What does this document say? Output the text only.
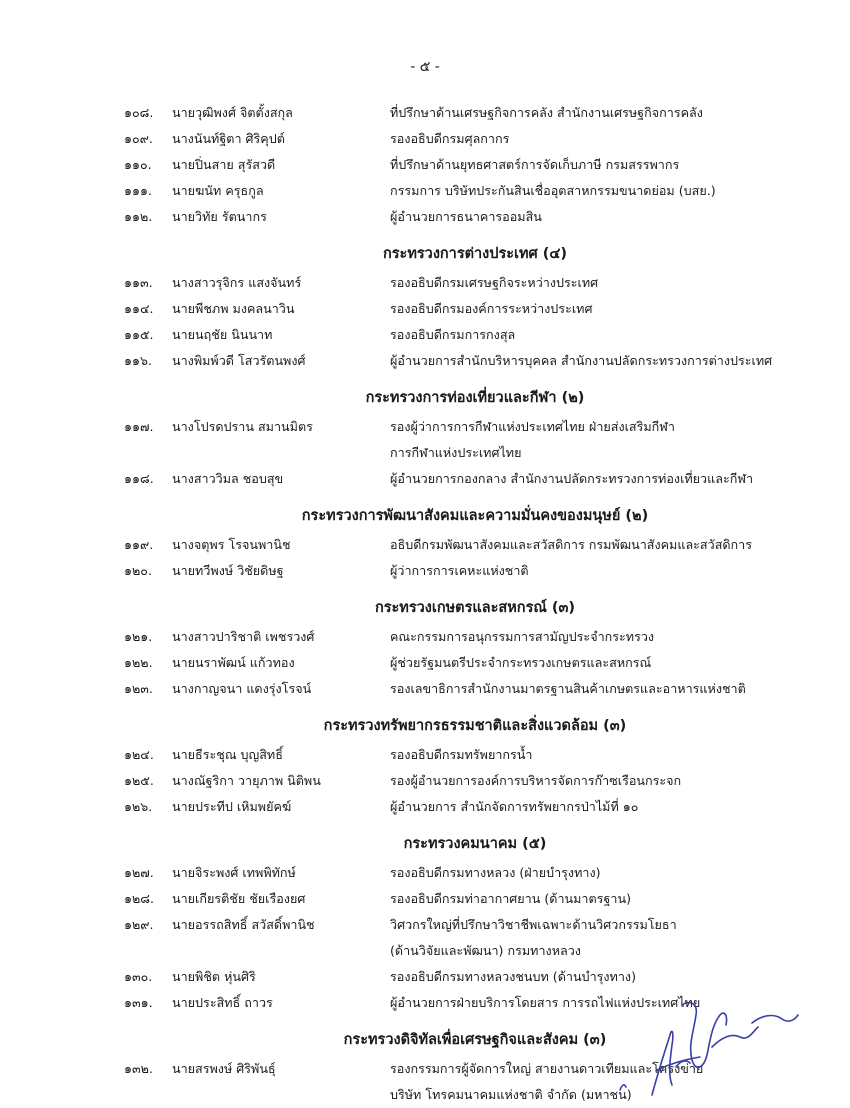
- ๕ -
๑๐๘. นายวุฒิพงศ์ จิตตั้งสกุล	ที่ปรึกษาด้านเศรษฐกิจการคลัง สำนักงานเศรษฐกิจการคลัง
๑๐๙. นางนันท์ฐิตา ศิริคุปต์	รองอธิบดีกรมศุลกากร
๑๑๐. นายปิ่นสาย สุรัสวดี	ที่ปรึกษาด้านยุทธศาสตร์การจัดเก็บภาษี กรมสรรพากร
๑๑๑. นายฆนัท ครุธกูล	กรรมการ บริษัทประกันสินเชื่ออุตสาหกรรมขนาดย่อม (บสย.)
๑๑๒. นายวิทัย รัตนากร	ผู้อำนวยการธนาคารออมสิน
กระทรวงการต่างประเทศ (๔)
๑๑๓. นางสาวรุจิกร แสงจันทร์	รองอธิบดีกรมเศรษฐกิจระหว่างประเทศ
๑๑๔. นายพีชภพ มงคลนาวิน	รองอธิบดีกรมองค์การระหว่างประเทศ
๑๑๕. นายนฤชัย นินนาท	รองอธิบดีกรมการกงสุล
๑๑๖. นางพิมพ์วดี โสวรัตนพงศ์	ผู้อำนวยการสำนักบริหารบุคคล สำนักงานปลัดกระทรวงการต่างประเทศ
กระทรวงการท่องเที่ยวและกีฬา (๒)
๑๑๗. นางโปรดปราน สมานมิตร	รองผู้ว่าการการกีฬาแห่งประเทศไทย ฝ่ายส่งเสริมกีฬา
การกีฬาแห่งประเทศไทย
๑๑๘. นางสาววิมล ชอบสุข	ผู้อำนวยการกองกลาง สำนักงานปลัดกระทรวงการท่องเที่ยวและกีฬา
กระทรวงการพัฒนาสังคมและความมั่นคงของมนุษย์ (๒)
๑๑๙. นางจตุพร โรจนพานิช	อธิบดีกรมพัฒนาสังคมและสวัสดิการ กรมพัฒนาสังคมและสวัสดิการ
๑๒๐. นายทวีพงษ์ วิชัยดิษฐ	ผู้ว่าการการเคหะแห่งชาติ
กระทรวงเกษตรและสหกรณ์ (๓)
๑๒๑. นางสาวปาริชาติ เพชรวงศ์	คณะกรรมการอนุกรรมการสามัญประจำกระทรวง
๑๒๒. นายนราพัฒน์ แก้วทอง	ผู้ช่วยรัฐมนตรีประจำกระทรวงเกษตรและสหกรณ์
๑๒๓. นางกาญจนา แดงรุ่งโรจน์	รองเลขาธิการสำนักงานมาตรฐานสินค้าเกษตรและอาหารแห่งชาติ
กระทรวงทรัพยากรธรรมชาติและสิ่งแวดล้อม (๓)
๑๒๔. นายธีระชุณ บุญสิทธิ์	รองอธิบดีกรมทรัพยากรน้ำ
๑๒๕. นางณัฐริกา วายุภาพ นิติพน	รองผู้อำนวยการองค์การบริหารจัดการก๊าซเรือนกระจก
๑๒๖. นายประทีป เหิมพยัคฆ์	ผู้อำนวยการ สำนักจัดการทรัพยากรป่าไม้ที่ ๑๐
กระทรวงคมนาคม (๕)
๑๒๗. นายจิระพงศ์ เทพพิทักษ์	รองอธิบดีกรมทางหลวง (ฝ่ายบำรุงทาง)
๑๒๘. นายเกียรติชัย ชัยเรืองยศ	รองอธิบดีกรมท่าอากาศยาน (ด้านมาตรฐาน)
๑๒๙. นายอรรถสิทธิ์ สวัสดิ์พานิช	วิศวกรใหญ่ที่ปรึกษาวิชาชีพเฉพาะด้านวิศวกรรมโยธา
(ด้านวิจัยและพัฒนา) กรมทางหลวง
๑๓๐. นายพิชิต หุ่นศิริ	รองอธิบดีกรมทางหลวงชนบท (ด้านบำรุงทาง)
๑๓๑. นายประสิทธิ์ ถาวร	ผู้อำนวยการฝ่ายบริการโดยสาร การรถไฟแห่งประเทศไทย
กระทรวงดิจิทัลเพื่อเศรษฐกิจและสังคม (๓)
๑๓๒. นายสรพงษ์ ศิริพันธุ์	รองกรรมการผู้จัดการใหญ่ สายงานดาวเทียมและโครงข่าย
บริษัท โทรคมนาคมแห่งชาติ จำกัด (มหาชน)
